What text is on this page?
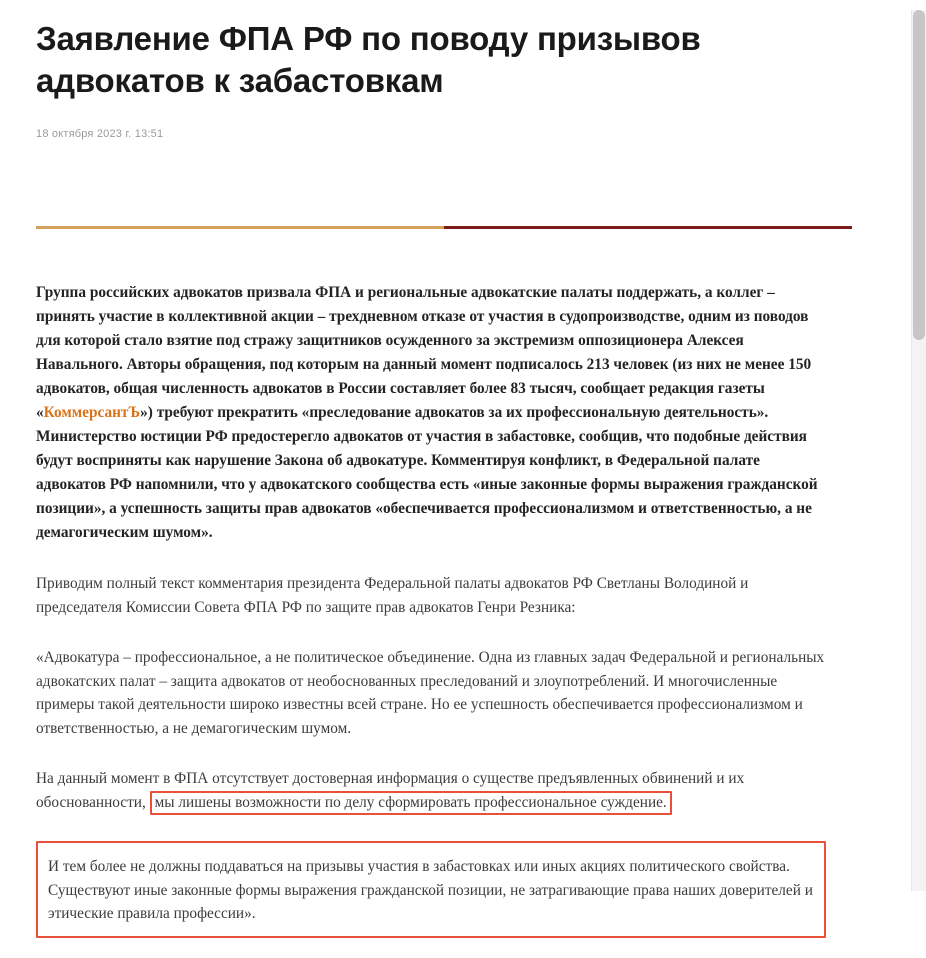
Заявление ФПА РФ по поводу призывов адвокатов к забастовкам
18 октября 2023 г. 13:51

Группа российских адвокатов призвала ФПА и региональные адвокатские палаты поддержать, а коллег – принять участие в коллективной акции – трехдневном отказе от участия в судопроизводстве, одним из поводов для которой стало взятие под стражу защитников осужденного за экстремизм оппозиционера Алексея Навального. Авторы обращения, под которым на данный момент подписалось 213 человек (из них не менее 150 адвокатов, общая численность адвокатов в России составляет более 83 тысяч, сообщает редакция газеты «КоммерсантЪ») требуют прекратить «преследование адвокатов за их профессиональную деятельность». Министерство юстиции РФ предостерегло адвокатов от участия в забастовке, сообщив, что подобные действия будут восприняты как нарушение Закона об адвокатуре. Комментируя конфликт, в Федеральной палате адвокатов РФ напомнили, что у адвокатского сообщества есть «иные законные формы выражения гражданской позиции», а успешность защиты прав адвокатов «обеспечивается профессионализмом и ответственностью, а не демагогическим шумом».

Приводим полный текст комментария президента Федеральной палаты адвокатов РФ Светланы Володиной и председателя Комиссии Совета ФПА РФ по защите прав адвокатов Генри Резника:

«Адвокатура – профессиональное, а не политическое объединение. Одна из главных задач Федеральной и региональных адвокатских палат – защита адвокатов от необоснованных преследований и злоупотреблений. И многочисленные примеры такой деятельности широко известны всей стране. Но ее успешность обеспечивается профессионализмом и ответственностью, а не демагогическим шумом.

На данный момент в ФПА отсутствует достоверная информация о существе предъявленных обвинений и их обоснованности, мы лишены возможности по делу сформировать профессиональное суждение.

И тем более не должны поддаваться на призывы участия в забастовках или иных акциях политического свойства. Существуют иные законные формы выражения гражданской позиции, не затрагивающие права наших доверителей и этические правила профессии».
